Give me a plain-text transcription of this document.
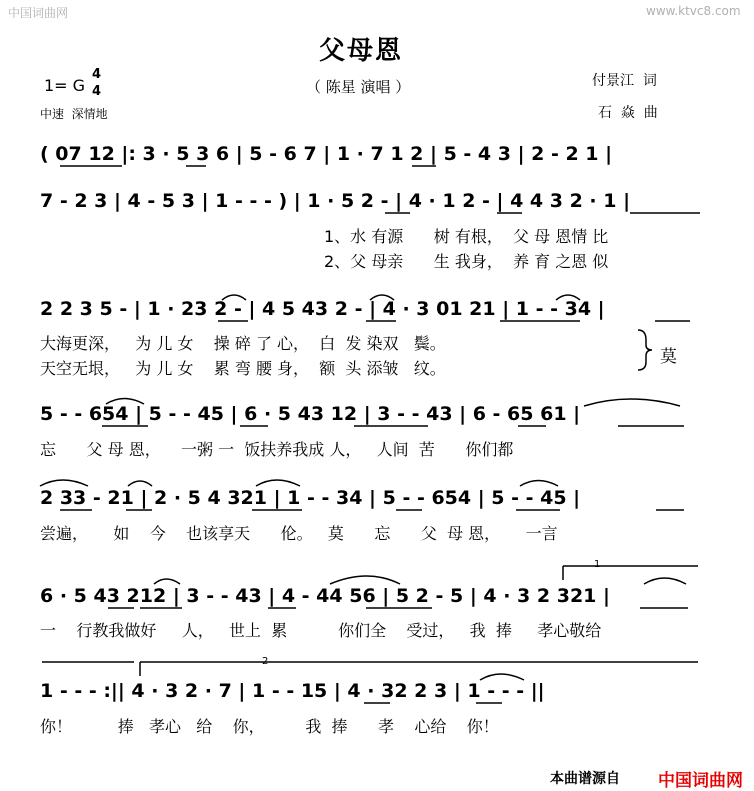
中国词曲网	www.ktvc8.com
父母恩
（ 陈星 演唱 ）
1= G
4
4
中速  深情地
付景江  词
石  焱  曲
( 07 12 |: 3 · 5 3 6 | 5 - 6 7 | 1 · 7 1 2 | 5 - 4 3 | 2 - 2 1 |
7 - 2 3 | 4 - 5 3 | 1 - - - ) | 1 · 5 2 - | 4 · 1 2 - | 4 4 3 2 · 1 |
1、水 有源      树 有根，  父 母 恩情 比
2、父 母亲      生 我身，  养 育 之恩 似
2 2 3 5 - | 1 · 23 2 - | 4 5 43 2 - | 4 · 3 01 21 | 1 - - 34 |
大海更深，   为 儿 女    操 碎 了 心，  白  发 染双   鬓。
天空无垠，   为 儿 女    累 弯 腰 身，  额  头 添皱   纹。
莫
5 - - 654 | 5 - - 45 | 6 · 5 43 12 | 3 - - 43 | 6 - 65 61 |
忘      父 母 恩，    一粥 一  饭扶养我成 人，   人间  苦      你们都
2 33 - 21 | 2 · 5 4 321 | 1 - - 34 | 5 - - 654 | 5 - - 45 |
尝遍，     如    今    也该享天      伦。   莫      忘      父  母 恩，     一言
6 · 5 43 212 | 3 - - 43 | 4 - 44 56 | 5 2 - 5 | 4 · 3 2 321 |
一    行教我做好     人，   世上  累          你们全    受过，   我  捧     孝心敬给
1 - - - :|| 4 · 3 2 · 7 | 1 - - 15 | 4 · 32 2 3 | 1 - - - ||
你！         捧   孝心   给    你，        我  捧      孝    心给    你！
1
2
本曲谱源自 中国词曲网
